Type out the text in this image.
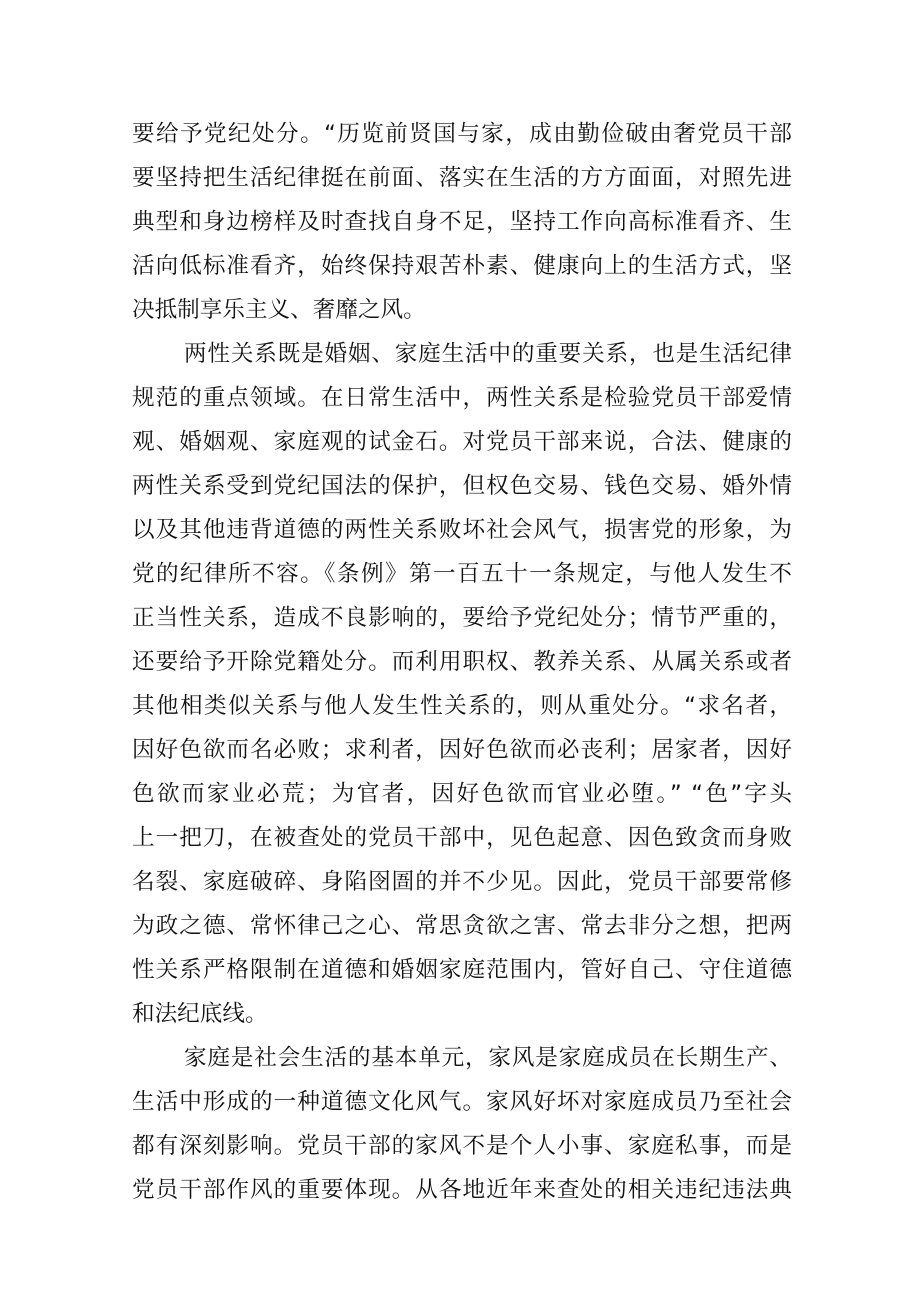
要给予党纪处分。“历览前贤国与家，成由勤俭破由奢党员干部

要坚持把生活纪律挺在前面、落实在生活的方方面面，对照先进

典型和身边榜样及时查找自身不足，坚持工作向高标准看齐、生

活向低标准看齐，始终保持艰苦朴素、健康向上的生活方式，坚

决抵制享乐主义、奢靡之风。

两性关系既是婚姻、家庭生活中的重要关系，也是生活纪律

规范的重点领域。在日常生活中，两性关系是检验党员干部爱情

观、婚姻观、家庭观的试金石。对党员干部来说，合法、健康的

两性关系受到党纪国法的保护，但权色交易、钱色交易、婚外情

以及其他违背道德的两性关系败坏社会风气，损害党的形象，为

党的纪律所不容。《条例》第一百五十一条规定，与他人发生不

正当性关系，造成不良影响的，要给予党纪处分；情节严重的，

还要给予开除党籍处分。而利用职权、教养关系、从属关系或者

其他相类似关系与他人发生性关系的，则从重处分。“求名者，

因好色欲而名必败；求利者，因好色欲而必丧利；居家者，因好

色欲而家业必荒；为官者，因好色欲而官业必堕。” “色”字头

上一把刀，在被查处的党员干部中，见色起意、因色致贪而身败

名裂、家庭破碎、身陷囹圄的并不少见。因此，党员干部要常修

为政之德、常怀律己之心、常思贪欲之害、常去非分之想，把两

性关系严格限制在道德和婚姻家庭范围内，管好自己、守住道德

和法纪底线。

家庭是社会生活的基本单元，家风是家庭成员在长期生产、

生活中形成的一种道德文化风气。家风好坏对家庭成员乃至社会

都有深刻影响。党员干部的家风不是个人小事、家庭私事，而是

党员干部作风的重要体现。从各地近年来查处的相关违纪违法典
